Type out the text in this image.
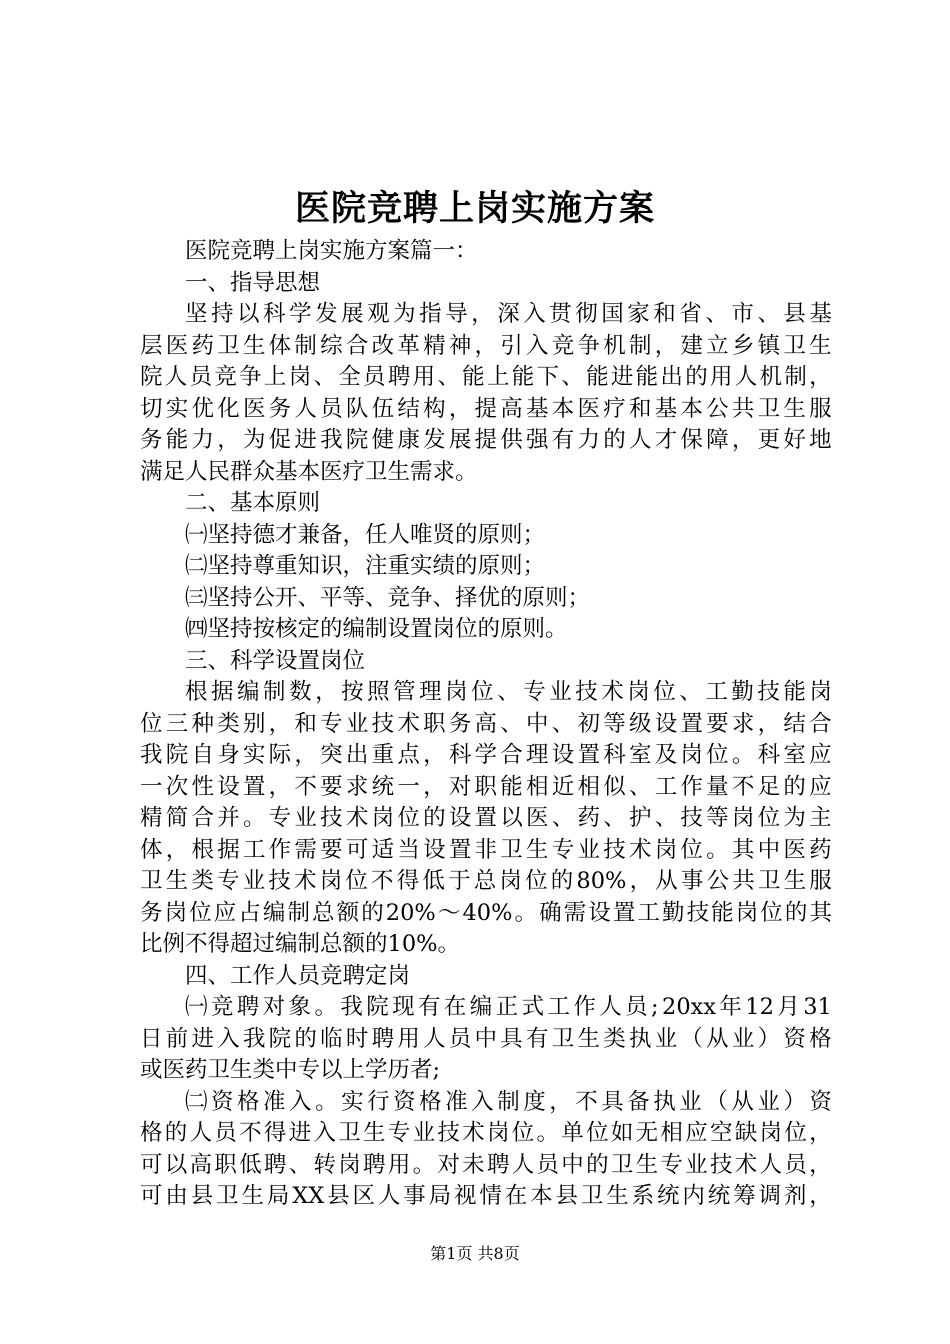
医院竞聘上岗实施方案
医院竞聘上岗实施方案篇一：
一、指导思想
坚 持 以 科 学 发 展 观 为 指 导 ， 深 入 贯 彻 国 家 和 省 、 市 、 县 基
层 医 药 卫 生 体 制 综 合 改 革 精 神 ， 引 入 竞 争 机 制 ， 建 立 乡 镇 卫 生
院 人 员 竞 争 上 岗 、 全 员 聘 用 、 能 上 能 下 、 能 进 能 出 的 用 人 机 制 ，
切 实 优 化 医 务 人 员 队 伍 结 构 ， 提 高 基 本 医 疗 和 基 本 公 共 卫 生 服
务 能 力 ， 为 促 进 我 院 健 康 发 展 提 供 强 有 力 的 人 才 保 障 ， 更 好 地
满足人民群众基本医疗卫生需求。
二、基本原则
㈠坚持德才兼备，任人唯贤的原则；
㈡坚持尊重知识，注重实绩的原则；
㈢坚持公开、平等、竞争、择优的原则；
㈣坚持按核定的编制设置岗位的原则。
三、科学设置岗位
根 据 编 制 数 ， 按 照 管 理 岗 位 、 专 业 技 术 岗 位 、 工 勤 技 能 岗
位 三 种 类 别 ， 和 专 业 技 术 职 务 高 、 中 、 初 等 级 设 置 要 求 ， 结 合
我 院 自 身 实 际 ， 突 出 重 点 ， 科 学 合 理 设 置 科 室 及 岗 位 。 科 室 应
一 次 性 设 置 ， 不 要 求 统 一 ， 对 职 能 相 近 相 似 、 工 作 量 不 足 的 应
精 简 合 并 。 专 业 技 术 岗 位 的 设 置 以 医 、 药 、 护 、 技 等 岗 位 为 主
体 ， 根 据 工 作 需 要 可 适 当 设 置 非 卫 生 专 业 技 术 岗 位 。 其 中 医 药
卫 生 类 专 业 技 术 岗 位 不 得 低 于 总 岗 位 的 80% ， 从 事 公 共 卫 生 服
务 岗 位 应 占 编 制 总 额 的 20% ～ 40% 。 确 需 设 置 工 勤 技 能 岗 位 的 其
比例不得超过编制总额的10%。
四、工作人员竞聘定岗
㈠ 竞 聘 对 象 。 我 院 现 有 在 编 正 式 工 作 人 员 ; 20xx 年 12 月 31
日 前 进 入 我 院 的 临 时 聘 用 人 员 中 具 有 卫 生 类 执 业 （ 从 业 ） 资 格
或医药卫生类中专以上学历者;
㈡ 资 格 准 入 。 实 行 资 格 准 入 制 度 ， 不 具 备 执 业 （ 从 业 ） 资
格 的 人 员 不 得 进 入 卫 生 专 业 技 术 岗 位 。 单 位 如 无 相 应 空 缺 岗 位 ，
可 以 高 职 低 聘 、 转 岗 聘 用 。 对 未 聘 人 员 中 的 卫 生 专 业 技 术 人 员 ，
可 由 县 卫 生 局 XX 县 区 人 事 局 视 情 在 本 县 卫 生 系 统 内 统 筹 调 剂 ，
第1页 共8页
